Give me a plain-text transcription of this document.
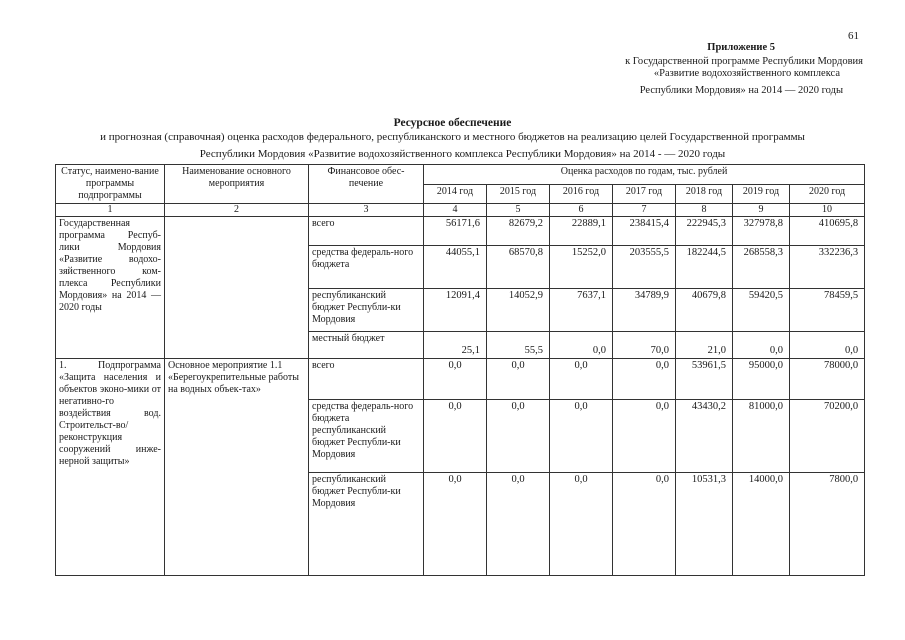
61
Приложение 5
к Государственной программе Республики Мордовия
«Развитие водохозяйственного комплекса
Республики Мордовия» на 2014 — 2020 годы
Ресурсное обеспечение
и прогнозная (справочная) оценка расходов федерального, республиканского и местного бюджетов на реализацию целей Государственной программы
Республики Мордовия «Развитие водохозяйственного комплекса Республики Мордовия» на 2014 - — 2020 годы
Статус, наимено-вание программы подпрограммы	Наименование основного мероприятия	Финансовое обес-печение	Оценка расходов по годам, тыс. рублей						
			2014 год	2015 год	2016 год	2017 год	2018 год	2019 год	2020 год
1	2	3	4	5	6	7	8	9	10
Государственная программа Респуб-лики Мордовия «Развитие водохо-зяйственного ком-плекса Республики Мордовия» на 2014 — 2020 годы		всего	56171,6	82679,2	22889,1	238415,4	222945,3	327978,8	410695,8
		средства федераль-ного бюджета	44055,1	68570,8	15252,0	203555,5	182244,5	268558,3	332236,3
		республиканский бюджет Республи-ки Мордовия	12091,4	14052,9	7637,1	34789,9	40679,8	59420,5	78459,5
		местный бюджет	25,1	55,5	0,0	70,0	21,0	0,0	0,0
1. Подпрограмма «Защита населения и объектов эконо-мики от негативно-го воздействия вод. Строительст-во/реконструкция сооружений инже-нерной защиты»	Основное мероприятие 1.1 «Берегоукрепительные работы на водных объек-тах»	всего	0,0	0,0	0,0	0,0	53961,5	95000,0	78000,0
		средства федераль-ного бюджета республиканский бюджет Республи-ки Мордовия	0,0	0,0	0,0	0,0	43430,2	81000,0	70200,0
		республиканский бюджет Республи-ки Мордовия	0,0	0,0	0,0	0,0	10531,3	14000,0	7800,0
